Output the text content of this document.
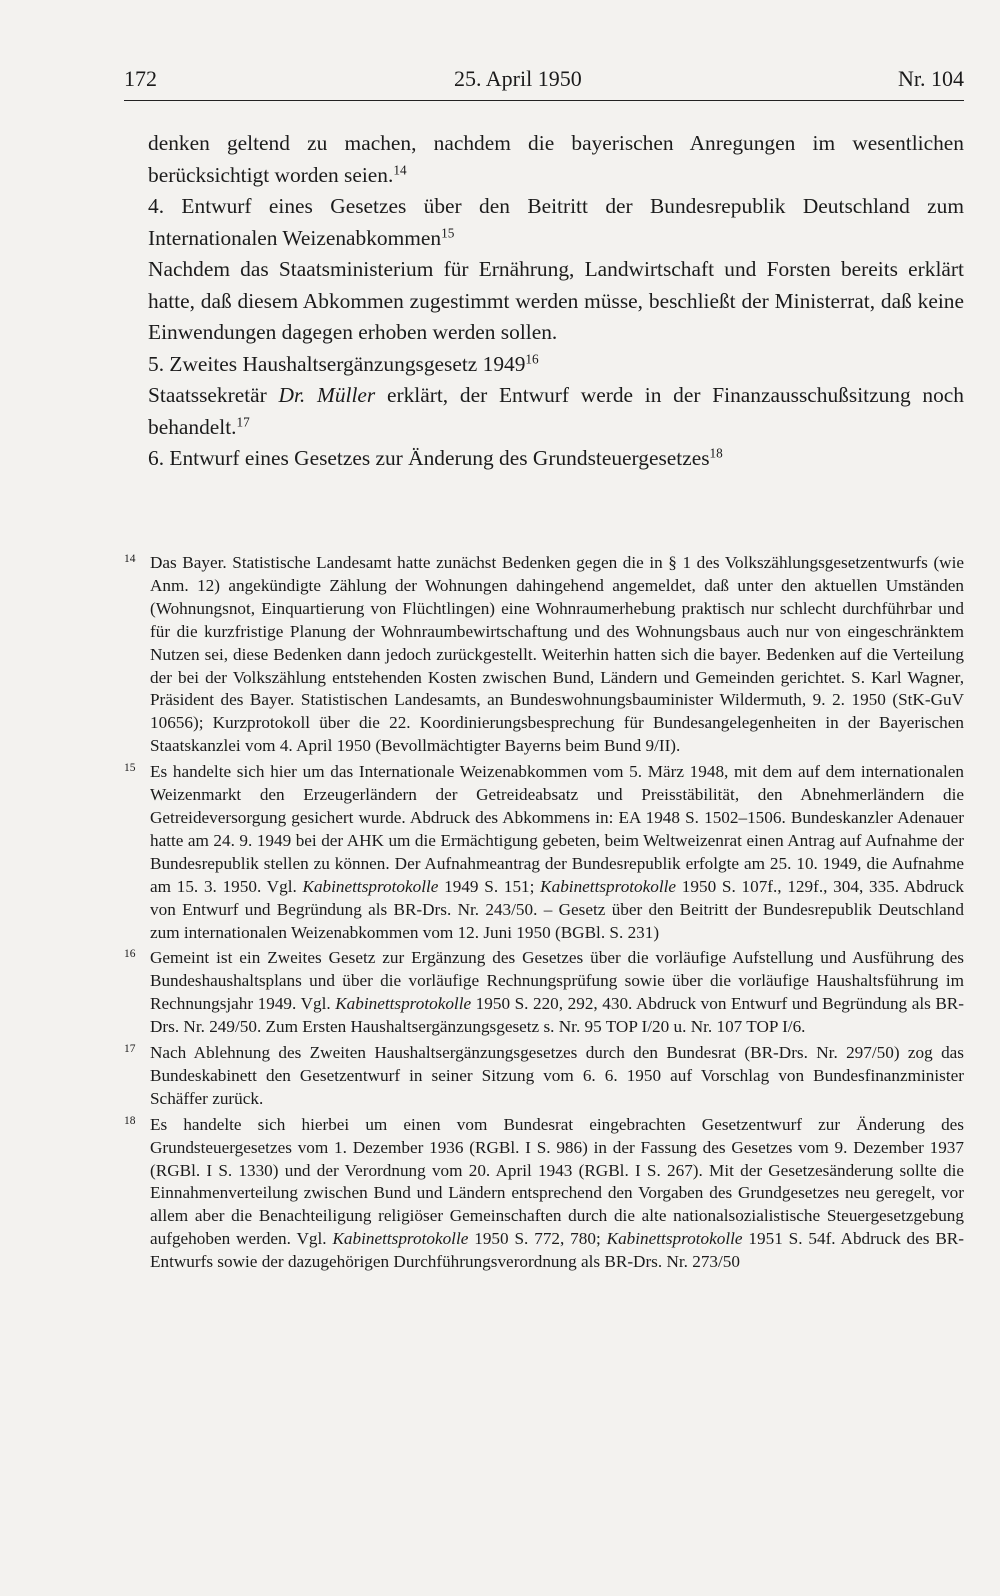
172	25. April 1950	Nr. 104

denken geltend zu machen, nachdem die bayerischen Anregungen im wesentlichen berücksichtigt worden seien.$^{14}$

4. Entwurf eines Gesetzes über den Beitritt der Bundesrepublik Deutschland zum Internationalen Weizenabkommen$^{15}$

Nachdem das Staatsministerium für Ernährung, Landwirtschaft und Forsten bereits erklärt hatte, daß diesem Abkommen zugestimmt werden müsse, beschließt der Ministerrat, daß keine Einwendungen dagegen erhoben werden sollen.

5. Zweites Haushaltsergänzungsgesetz 1949$^{16}$

Staatssekretär Dr. Müller erklärt, der Entwurf werde in der Finanzausschußsitzung noch behandelt.$^{17}$

6. Entwurf eines Gesetzes zur Änderung des Grundsteuergesetzes$^{18}$

14 Das Bayer. Statistische Landesamt hatte zunächst Bedenken gegen die in § 1 des Volkszählungsgesetzentwurfs (wie Anm. 12) angekündigte Zählung der Wohnungen dahingehend angemeldet, daß unter den aktuellen Umständen (Wohnungsnot, Einquartierung von Flüchtlingen) eine Wohnraumerhebung praktisch nur schlecht durchführbar und für die kurzfristige Planung der Wohnraumbewirtschaftung und des Wohnungsbaus auch nur von eingeschränktem Nutzen sei, diese Bedenken dann jedoch zurückgestellt. Weiterhin hatten sich die bayer. Bedenken auf die Verteilung der bei der Volkszählung entstehenden Kosten zwischen Bund, Ländern und Gemeinden gerichtet. S. Karl Wagner, Präsident des Bayer. Statistischen Landesamts, an Bundeswohnungsbauminister Wildermuth, 9. 2. 1950 (StK-GuV 10656); Kurzprotokoll über die 22. Koordinierungsbesprechung für Bundesangelegenheiten in der Bayerischen Staatskanzlei vom 4. April 1950 (Bevollmächtigter Bayerns beim Bund 9/II).
15 Es handelte sich hier um das Internationale Weizenabkommen vom 5. März 1948, mit dem auf dem internationalen Weizenmarkt den Erzeugerländern der Getreideabsatz und Preisstäbilität, den Abnehmerländern die Getreideversorgung gesichert wurde. Abdruck des Abkommens in: EA 1948 S. 1502–1506. Bundeskanzler Adenauer hatte am 24. 9. 1949 bei der AHK um die Ermächtigung gebeten, beim Weltweizenrat einen Antrag auf Aufnahme der Bundesrepublik stellen zu können. Der Aufnahmeantrag der Bundesrepublik erfolgte am 25. 10. 1949, die Aufnahme am 15. 3. 1950. Vgl. Kabinettsprotokolle 1949 S. 151; Kabinettsprotokolle 1950 S. 107f., 129f., 304, 335. Abdruck von Entwurf und Begründung als BR-Drs. Nr. 243/50. – Gesetz über den Beitritt der Bundesrepublik Deutschland zum internationalen Weizenabkommen vom 12. Juni 1950 (BGBl. S. 231)
16 Gemeint ist ein Zweites Gesetz zur Ergänzung des Gesetzes über die vorläufige Aufstellung und Ausführung des Bundeshaushaltsplans und über die vorläufige Rechnungsprüfung sowie über die vorläufige Haushaltsführung im Rechnungsjahr 1949. Vgl. Kabinettsprotokolle 1950 S. 220, 292, 430. Abdruck von Entwurf und Begründung als BR-Drs. Nr. 249/50. Zum Ersten Haushaltsergänzungsgesetz s. Nr. 95 TOP I/20 u. Nr. 107 TOP I/6.
17 Nach Ablehnung des Zweiten Haushaltsergänzungsgesetzes durch den Bundesrat (BR-Drs. Nr. 297/50) zog das Bundeskabinett den Gesetzentwurf in seiner Sitzung vom 6. 6. 1950 auf Vorschlag von Bundesfinanzminister Schäffer zurück.
18 Es handelte sich hierbei um einen vom Bundesrat eingebrachten Gesetzentwurf zur Änderung des Grundsteuergesetzes vom 1. Dezember 1936 (RGBl. I S. 986) in der Fassung des Gesetzes vom 9. Dezember 1937 (RGBl. I S. 1330) und der Verordnung vom 20. April 1943 (RGBl. I S. 267). Mit der Gesetzesänderung sollte die Einnahmenverteilung zwischen Bund und Ländern entsprechend den Vorgaben des Grundgesetzes neu geregelt, vor allem aber die Benachteiligung religiöser Gemeinschaften durch die alte nationalsozialistische Steuergesetzgebung aufgehoben werden. Vgl. Kabinettsprotokolle 1950 S. 772, 780; Kabinettsprotokolle 1951 S. 54f. Abdruck des BR-Entwurfs sowie der dazugehörigen Durchführungsverordnung als BR-Drs. Nr. 273/50
